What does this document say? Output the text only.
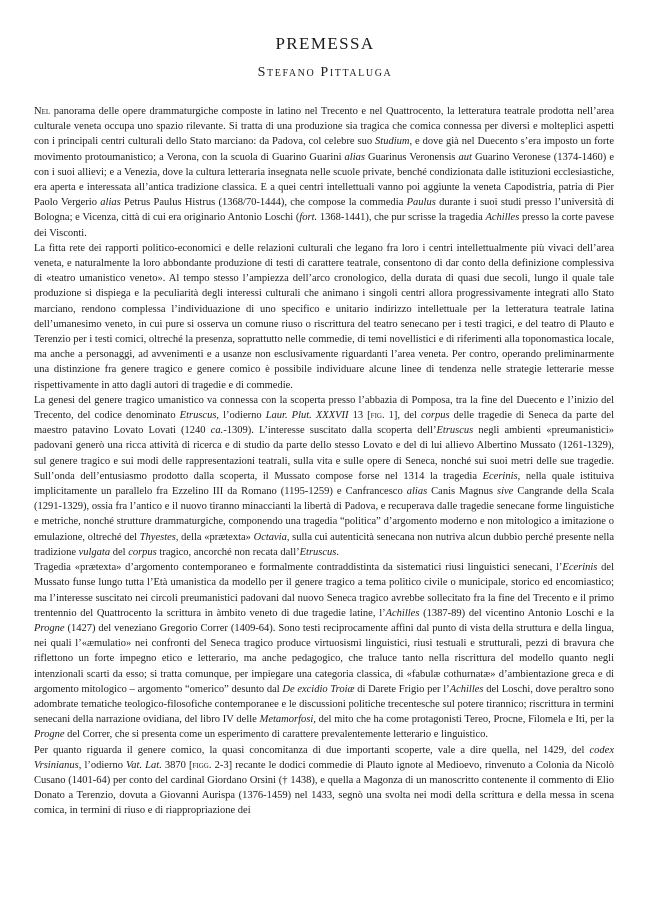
PREMESSA
Stefano Pittaluga

Nel panorama delle opere drammaturgiche composte in latino nel Trecento e nel Quattrocento, la letteratura teatrale prodotta nell’area culturale veneta occupa uno spazio rilevante. Si tratta di una produzione sia tragica che comica connessa per diversi e molteplici aspetti con i principali centri culturali dello Stato marciano: da Padova, col celebre suo Studium, e dove già nel Duecento s’era imposto un forte movimento protoumanistico; a Verona, con la scuola di Guarino Guarini alias Guarinus Veronensis aut Guarino Veronese (1374-1460) e con i suoi allievi; e a Venezia, dove la cultura letteraria insegnata nelle scuole private, benché condizionata dalle istituzioni ecclesiastiche, era aperta e interessata all’antica tradizione classica. E a quei centri intellettuali vanno poi aggiunte la veneta Capodistria, patria di Pier Paolo Vergerio alias Petrus Paulus Histrus (1368/70-1444), che compose la commedia Paulus durante i suoi studi presso l’università di Bologna; e Vicenza, città di cui era originario Antonio Loschi (fort. 1368-1441), che pur scrisse la tragedia Achilles presso la corte pavese dei Visconti.

La fitta rete dei rapporti politico-economici e delle relazioni culturali che legano fra loro i centri intellettualmente più vivaci dell’area veneta, e naturalmente la loro abbondante produzione di testi di carattere teatrale, consentono di dar conto della definizione complessiva di «teatro umanistico veneto». Al tempo stesso l’ampiezza dell’arco cronologico, della durata di quasi due secoli, lungo il quale tale produzione si dispiega e la peculiarità degli interessi culturali che animano i singoli centri allora progressivamente integrati allo Stato marciano, rendono complessa l’individuazione di uno specifico e unitario indirizzo intellettuale per la letteratura teatrale latina dell’umanesimo veneto, in cui pure si osserva un comune riuso o riscrittura del teatro senecano per i testi tragici, e del teatro di Plauto e Terenzio per i testi comici, oltreché la presenza, soprattutto nelle commedie, di temi novellistici e di riferimenti alla toponomastica locale, ma anche a personaggi, ad avvenimenti e a usanze non esclusivamente riguardanti l’area veneta. Per contro, operando preliminarmente una distinzione fra genere tragico e genere comico è possibile individuare alcune linee di tendenza nelle strategie letterarie messe rispettivamente in atto dagli autori di tragedie e di commedie.

La genesi del genere tragico umanistico va connessa con la scoperta presso l’abbazia di Pomposa, tra la fine del Duecento e l’inizio del Trecento, del codice denominato Etruscus, l’odierno Laur. Plut. XXXVII 13 [fig. 1], del corpus delle tragedie di Seneca da parte del maestro patavino Lovato Lovati (1240 ca.-1309). L’interesse suscitato dalla scoperta dell’Etruscus negli ambienti «preumanistici» padovani generò una ricca attività di ricerca e di studio da parte dello stesso Lovato e del di lui allievo Albertino Mussato (1261-1329), sul genere tragico e sui modi delle rappresentazioni teatrali, sulla vita e sulle opere di Seneca, nonché sui suoi metri delle sue tragedie. Sull’onda dell’entusiasmo prodotto dalla scoperta, il Mussato compose forse nel 1314 la tragedia Ecerinis, nella quale istituiva implicitamente un parallelo fra Ezzelino III da Romano (1195-1259) e Canfrancesco alias Canis Magnus sive Cangrande della Scala (1291-1329), ossia fra l’antico e il nuovo tiranno minaccianti la libertà di Padova, e recuperava dalle tragedie senecane forme linguistiche e metriche, nonché strutture drammaturgiche, componendo una tragedia “politica” d’argomento moderno e non mitologico a imitazione o emulazione, oltreché del Thyestes, della «prætexta» Octavia, sulla cui autenticità senecana non nutriva alcun dubbio perché presente nella tradizione vulgata del corpus tragico, ancorché non recata dall’Etruscus.

Tragedia «prætexta» d’argomento contemporaneo e formalmente contraddistinta da sistematici riusi linguistici senecani, l’Ecerinis del Mussato funse lungo tutta l’Età umanistica da modello per il genere tragico a tema politico civile o municipale, storico ed encomiastico; ma l’interesse suscitato nei circoli preumanistici padovani dal nuovo Seneca tragico avrebbe sollecitato fra la fine del Trecento e il primo trentennio del Quattrocento la scrittura in àmbito veneto di due tragedie latine, l’Achilles (1387-89) del vicentino Antonio Loschi e la Progne (1427) del veneziano Gregorio Correr (1409-64). Sono testi reciprocamente affini dal punto di vista della struttura e della lingua, nei quali l’«æmulatio» nei confronti del Seneca tragico produce virtuosismi linguistici, riusi testuali e strutturali, pezzi di bravura che riflettono un forte impegno etico e letterario, ma anche pedagogico, che traluce tanto nella riscrittura del modello quanto negli intenzionali scarti da esso; si tratta comunque, per impiegare una categoria classica, di «fabulæ cothurnatæ» d’ambientazione greca e di argomento mitologico – argomento “omerico” desunto dal De excidio Troiæ di Darete Frigio per l’Achilles del Loschi, dove peraltro sono adombrate tematiche teologico-filosofiche contemporanee e le discussioni politiche trecentesche sul potere tirannico; riscrittura in termini senecani della narrazione ovidiana, del libro IV delle Metamorfosi, del mito che ha come protagonisti Tereo, Procne, Filomela e Iti, per la Progne del Correr, che si presenta come un esperimento di carattere prevalentemente letterario e linguistico.

Per quanto riguarda il genere comico, la quasi concomitanza di due importanti scoperte, vale a dire quella, nel 1429, del codex Vrsinianus, l’odierno Vat. Lat. 3870 [figg. 2-3] recante le dodici commedie di Plauto ignote al Medioevo, rinvenuto a Colonia da Nicolò Cusano (1401-64) per conto del cardinal Giordano Orsini († 1438), e quella a Magonza di un manoscritto contenente il commento di Elio Donato a Terenzio, dovuta a Giovanni Aurispa (1376-1459) nel 1433, segnò una svolta nei modi della scrittura e della messa in scena comica, in termini di riuso e di riappropriazione dei
